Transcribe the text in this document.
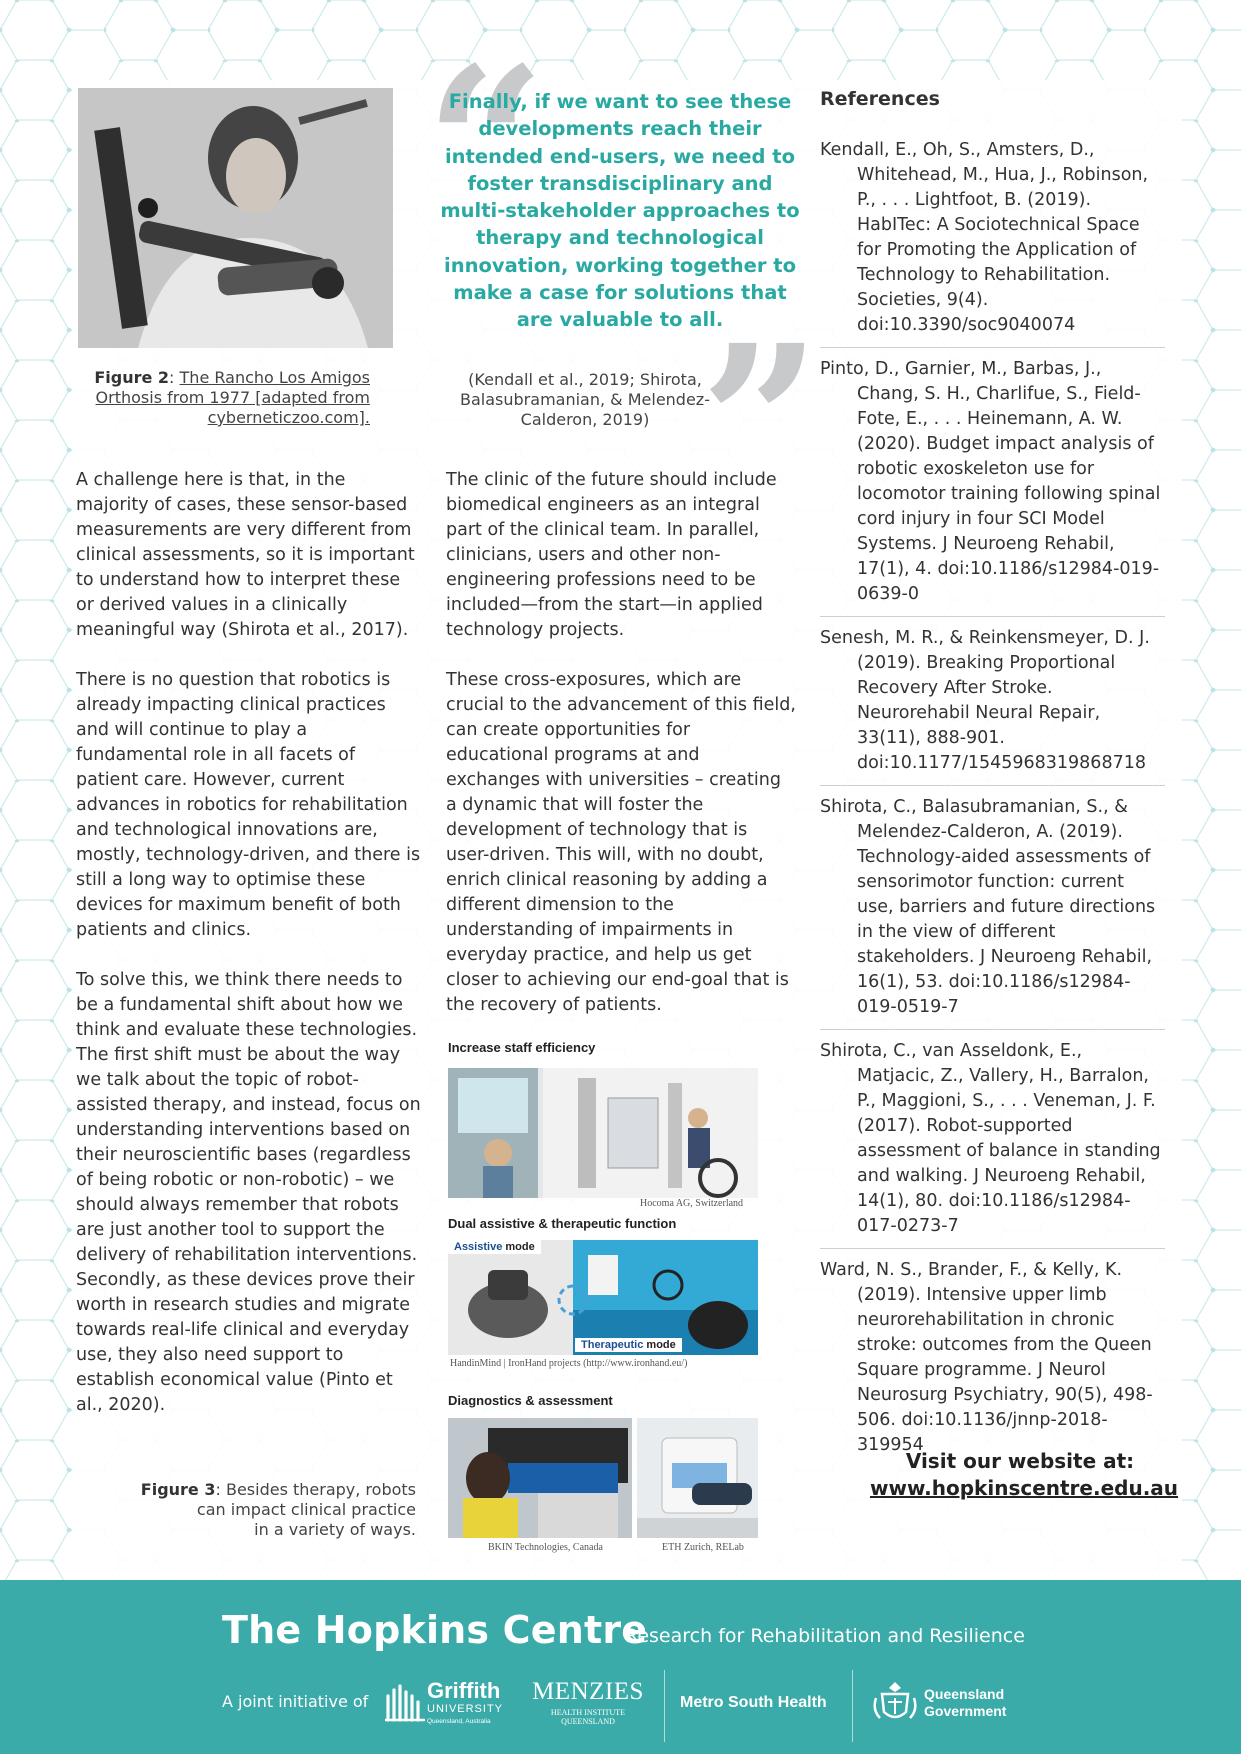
Figure 2: The Rancho Los Amigos
Orthosis from 1977 [adapted from
cyberneticzoo.com].
“
”
Finally, if we want to see these developments reach their intended end-users, we need to foster transdisciplinary and multi-stakeholder approaches to therapy and technological innovation, working together to make a case for solutions that are valuable to all.
(Kendall et al., 2019; Shirota, Balasubramanian, & Melendez-Calderon, 2019)

A challenge here is that, in the majority of cases, these sensor-based measurements are very different from clinical assessments, so it is important to understand how to interpret these or derived values in a clinically meaningful way (Shirota et al., 2017).

There is no question that robotics is already impacting clinical practices and will continue to play a fundamental role in all facets of patient care. However, current advances in robotics for rehabilitation and technological innovations are, mostly, technology-driven, and there is still a long way to optimise these devices for maximum benefit of both patients and clinics.

To solve this, we think there needs to be a fundamental shift about how we think and evaluate these technologies. The first shift must be about the way we talk about the topic of robot-assisted therapy, and instead, focus on understanding interventions based on their neuroscientific bases (regardless of being robotic or non-robotic) – we should always remember that robots are just another tool to support the delivery of rehabilitation interventions. Secondly, as these devices prove their worth in research studies and migrate towards real-life clinical and everyday use, they also need support to establish economical value (Pinto et al., 2020).

Figure 3: Besides therapy, robots
can impact clinical practice
in a variety of ways.

The clinic of the future should include biomedical engineers as an integral part of the clinical team. In parallel, clinicians, users and other non-engineering professions need to be included—from the start—in applied technology projects.

These cross-exposures, which are crucial to the advancement of this field, can create opportunities for educational programs at and exchanges with universities – creating a dynamic that will foster the development of technology that is user-driven. This will, with no doubt, enrich clinical reasoning by adding a different dimension to the understanding of impairments in everyday practice, and help us get closer to achieving our end-goal that is the recovery of patients.

Increase staff efficiency
Hocoma AG, Switzerland
Dual assistive & therapeutic function
Assistive mode
Therapeutic mode
HandinMind | IronHand projects (http://www.ironhand.eu/)
Diagnostics & assessment
BKIN Technologies, Canada	ETH Zurich, RELab
References
Kendall, E., Oh, S., Amsters, D., Whitehead, M., Hua, J., Robinson, P., . . . Lightfoot, B. (2019). HabITec: A Sociotechnical Space for Promoting the Application of Technology to Rehabilitation. Societies, 9(4). doi:10.3390/soc9040074
Pinto, D., Garnier, M., Barbas, J., Chang, S. H., Charlifue, S., Field-Fote, E., . . . Heinemann, A. W. (2020). Budget impact analysis of robotic exoskeleton use for locomotor training following spinal cord injury in four SCI Model Systems. J Neuroeng Rehabil, 17(1), 4. doi:10.1186/s12984-019-0639-0
Senesh, M. R., & Reinkensmeyer, D. J. (2019). Breaking Proportional Recovery After Stroke. Neurorehabil Neural Repair, 33(11), 888-901. doi:10.1177/1545968319868718
Shirota, C., Balasubramanian, S., & Melendez-Calderon, A. (2019). Technology-aided assessments of sensorimotor function: current use, barriers and future directions in the view of different stakeholders. J Neuroeng Rehabil, 16(1), 53. doi:10.1186/s12984-019-0519-7
Shirota, C., van Asseldonk, E., Matjacic, Z., Vallery, H., Barralon, P., Maggioni, S., . . . Veneman, J. F. (2017). Robot-supported assessment of balance in standing and walking. J Neuroeng Rehabil, 14(1), 80. doi:10.1186/s12984-017-0273-7
Ward, N. S., Brander, F., & Kelly, K. (2019). Intensive upper limb neurorehabilitation in chronic stroke: outcomes from the Queen Square programme. J Neurol Neurosurg Psychiatry, 90(5), 498-506. doi:10.1136/jnnp-2018-319954
Visit our website at:
www.hopkinscentre.edu.au
The Hopkins Centre
Research for Rehabilitation and Resilience
A joint initiative of	Griffith
UNIVERSITY
Queensland, Australia
MENZIES
HEALTH INSTITUTE
QUEENSLAND
Metro South Health	Queensland
Government
